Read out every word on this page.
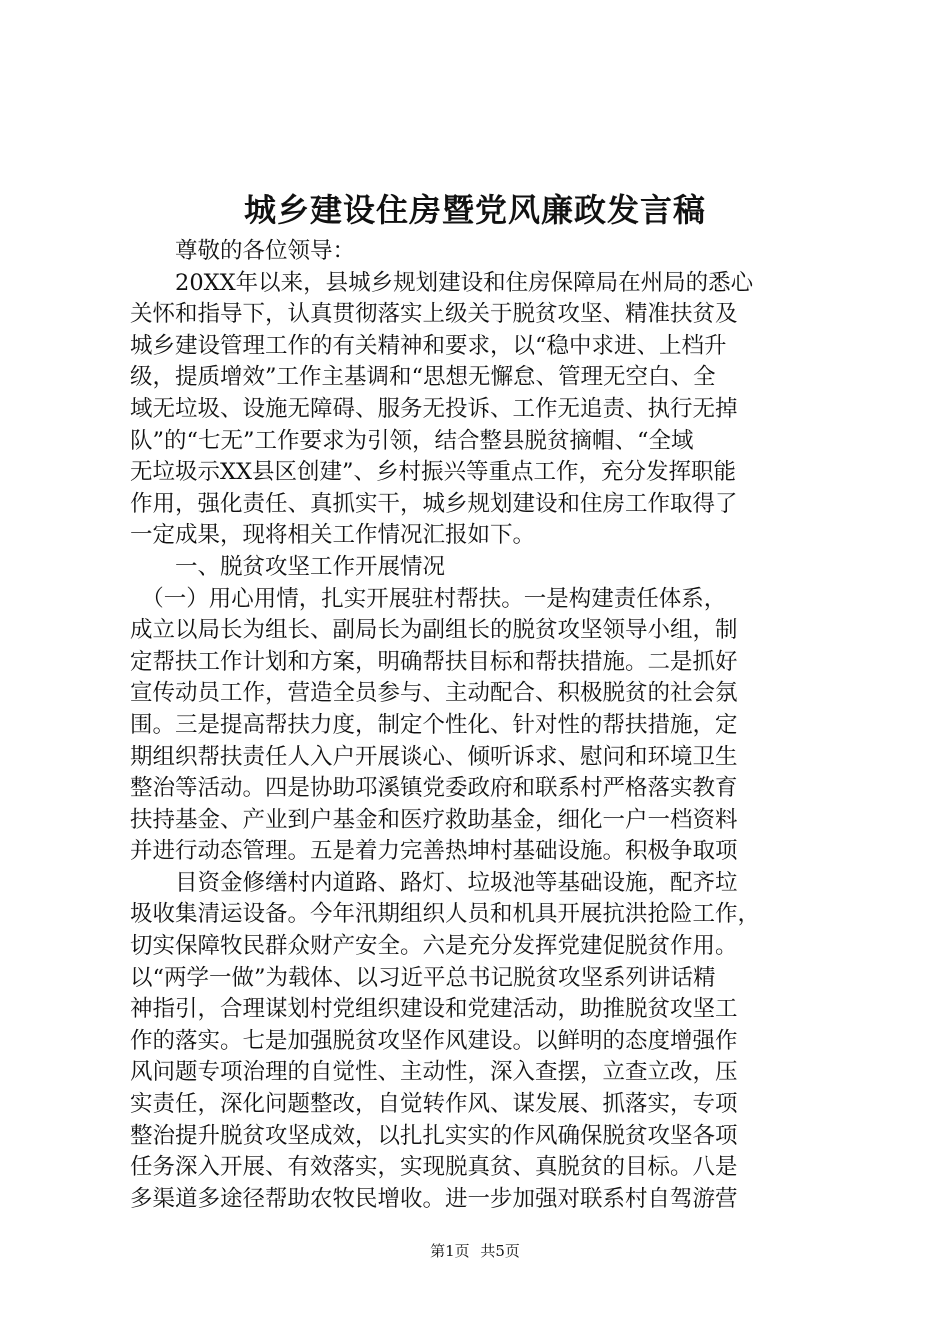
城乡建设住房暨党风廉政发言稿
　　尊敬的各位领导：
　　20XX年以来，县城乡规划建设和住房保障局在州局的悉心
关怀和指导下，认真贯彻落实上级关于脱贫攻坚、精准扶贫及
城乡建设管理工作的有关精神和要求，以“稳中求进、上档升
级，提质增效”工作主基调和“思想无懈怠、管理无空白、全
域无垃圾、设施无障碍、服务无投诉、工作无追责、执行无掉
队”的“七无”工作要求为引领，结合整县脱贫摘帽、“全域
无垃圾示XX县区创建”、乡村振兴等重点工作，充分发挥职能
作用，强化责任、真抓实干，城乡规划建设和住房工作取得了
一定成果，现将相关工作情况汇报如下。
　　一、脱贫攻坚工作开展情况
　（一）用心用情，扎实开展驻村帮扶。一是构建责任体系，
成立以局长为组长、副局长为副组长的脱贫攻坚领导小组，制
定帮扶工作计划和方案，明确帮扶目标和帮扶措施。二是抓好
宣传动员工作，营造全员参与、主动配合、积极脱贫的社会氛
围。三是提高帮扶力度，制定个性化、针对性的帮扶措施，定
期组织帮扶责任人入户开展谈心、倾听诉求、慰问和环境卫生
整治等活动。四是协助邛溪镇党委政府和联系村严格落实教育
扶持基金、产业到户基金和医疗救助基金，细化一户一档资料
并进行动态管理。五是着力完善热坤村基础设施。积极争取项
　　目资金修缮村内道路、路灯、垃圾池等基础设施，配齐垃
圾收集清运设备。今年汛期组织人员和机具开展抗洪抢险工作，
切实保障牧民群众财产安全。六是充分发挥党建促脱贫作用。
以“两学一做”为载体、以习近平总书记脱贫攻坚系列讲话精
神指引，合理谋划村党组织建设和党建活动，助推脱贫攻坚工
作的落实。七是加强脱贫攻坚作风建设。以鲜明的态度增强作
风问题专项治理的自觉性、主动性，深入查摆，立查立改，压
实责任，深化问题整改，自觉转作风、谋发展、抓落实，专项
整治提升脱贫攻坚成效，以扎扎实实的作风确保脱贫攻坚各项
任务深入开展、有效落实，实现脱真贫、真脱贫的目标。八是
多渠道多途径帮助农牧民增收。进一步加强对联系村自驾游营
第1页 共5页
